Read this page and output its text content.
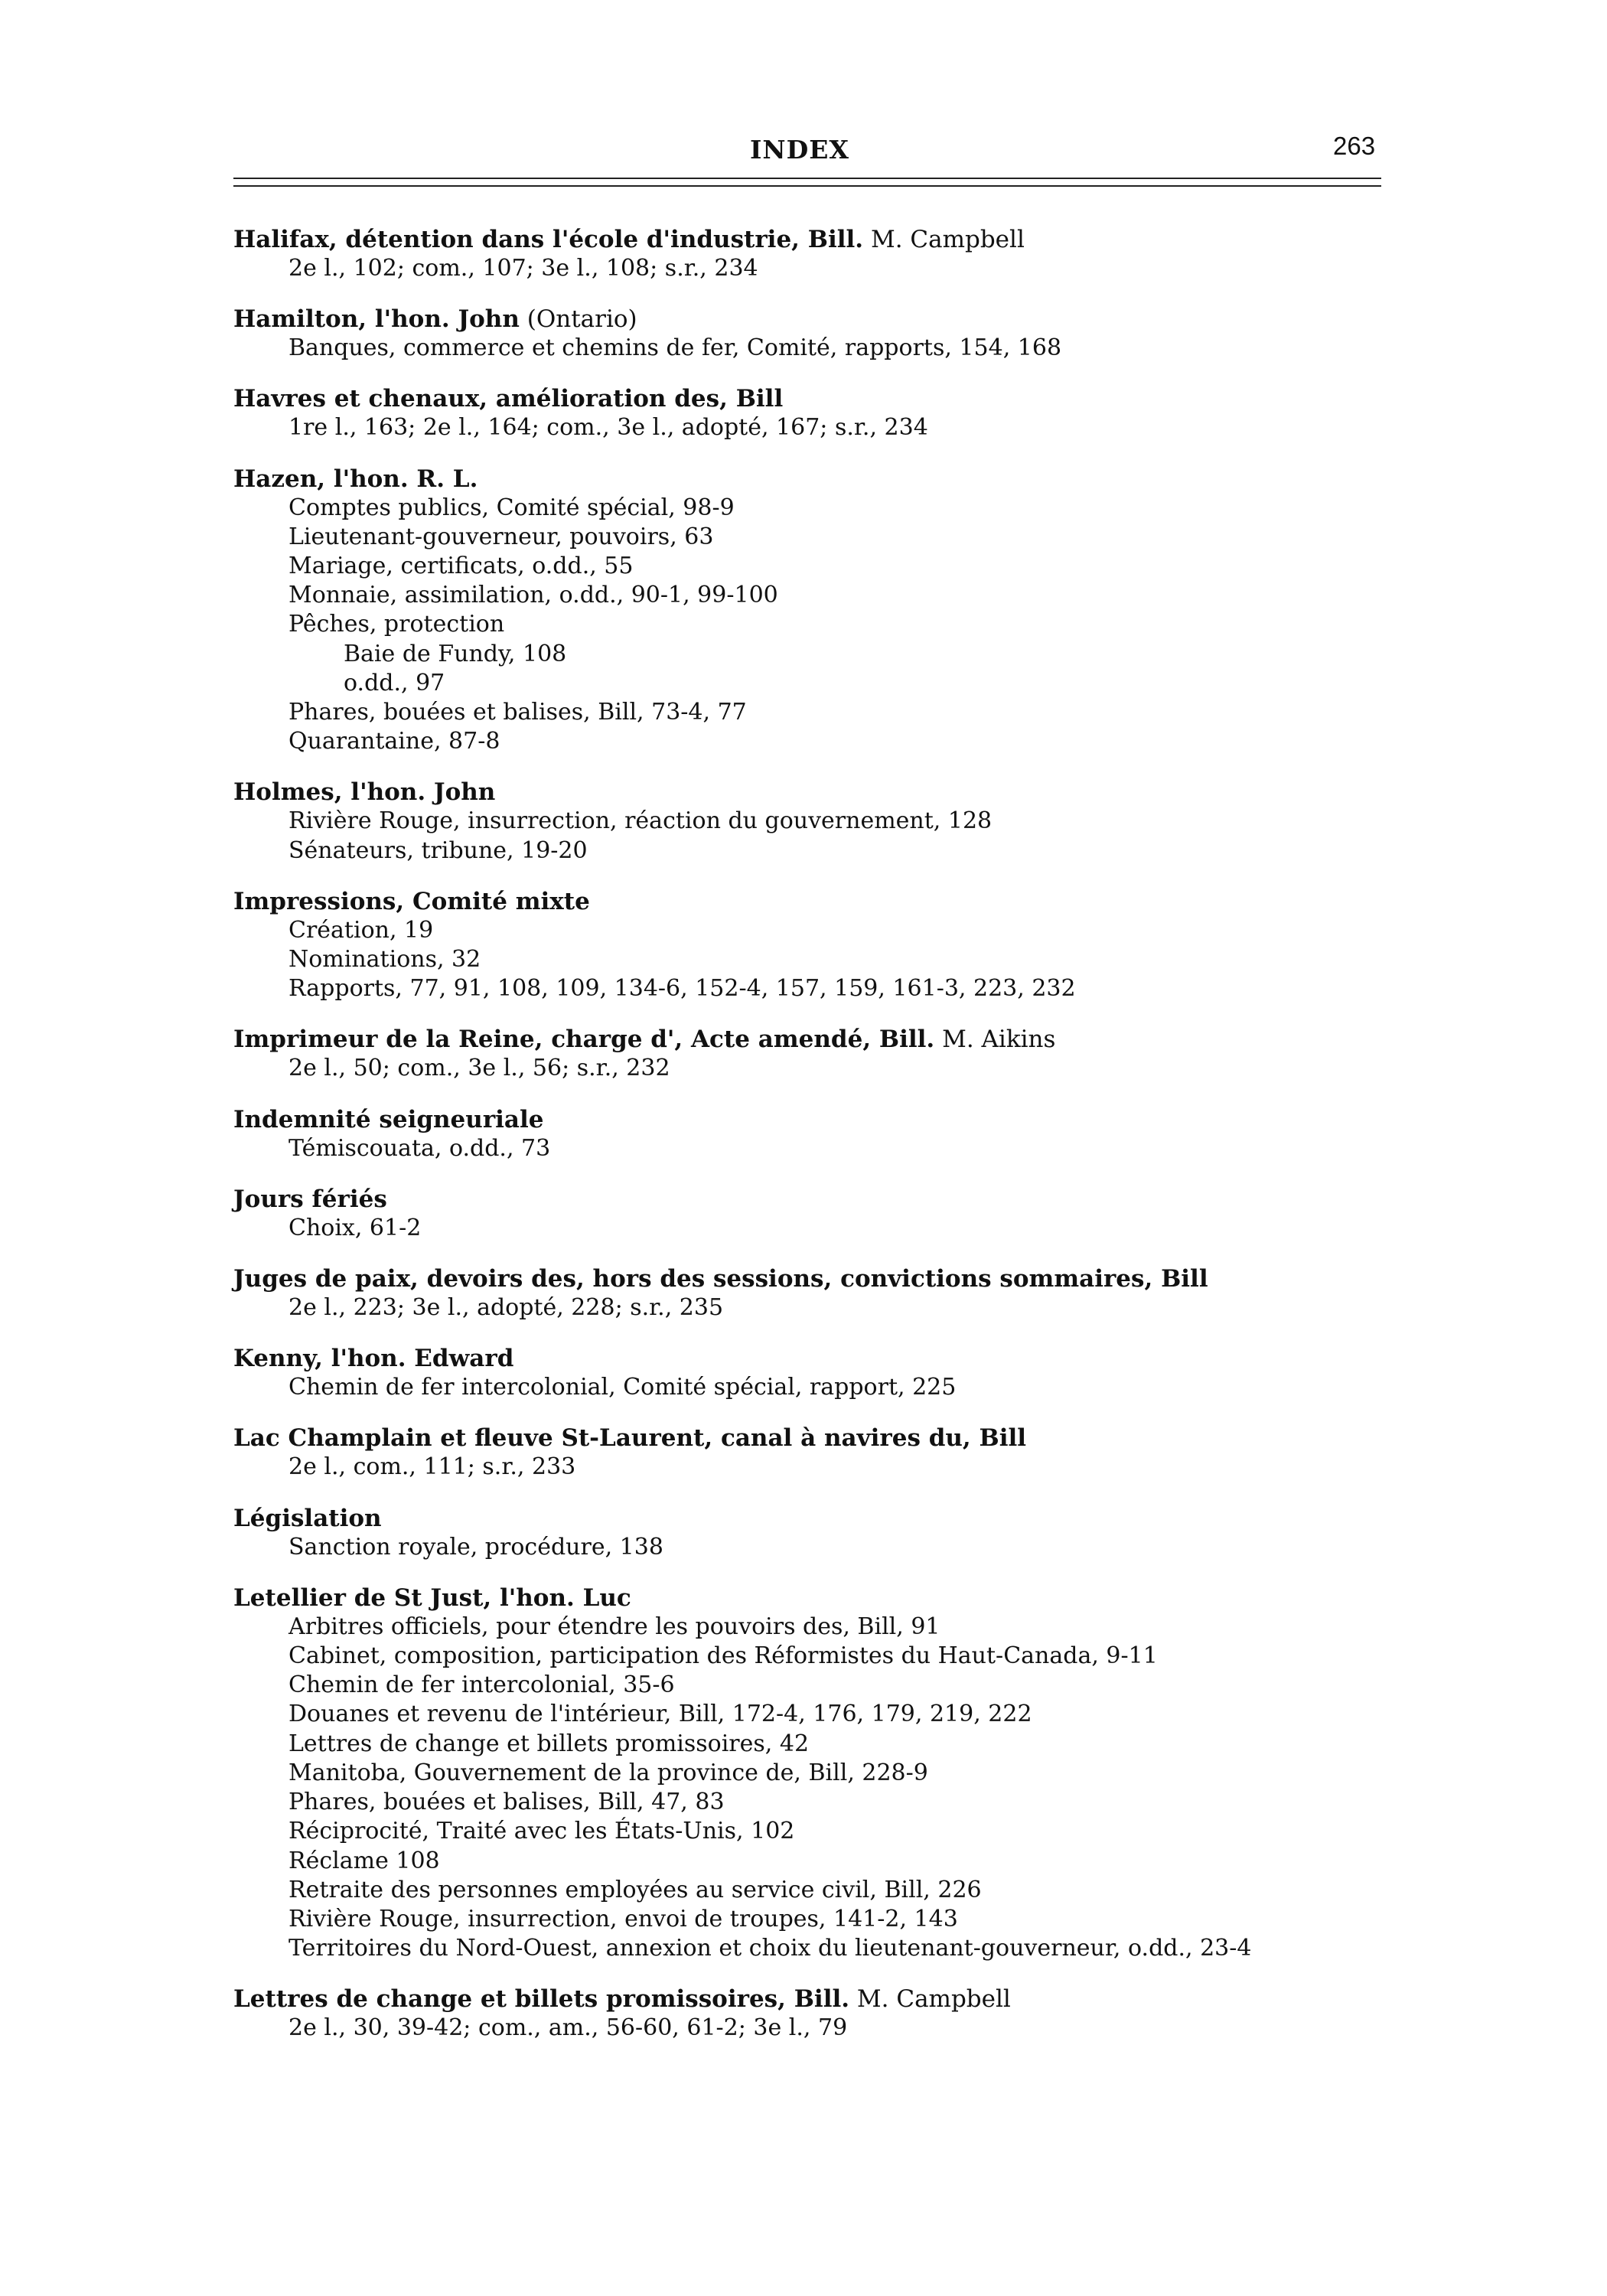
INDEX	263
Halifax, détention dans l'école d'industrie, Bill. M. Campbell
2e l., 102; com., 107; 3e l., 108; s.r., 234
Hamilton, l'hon. John (Ontario)
Banques, commerce et chemins de fer, Comité, rapports, 154, 168
Havres et chenaux, amélioration des, Bill
1re l., 163; 2e l., 164; com., 3e l., adopté, 167; s.r., 234
Hazen, l'hon. R. L.
Comptes publics, Comité spécial, 98-9
Lieutenant-gouverneur, pouvoirs, 63
Mariage, certificats, o.dd., 55
Monnaie, assimilation, o.dd., 90-1, 99-100
Pêches, protection
Baie de Fundy, 108
o.dd., 97
Phares, bouées et balises, Bill, 73-4, 77
Quarantaine, 87-8
Holmes, l'hon. John
Rivière Rouge, insurrection, réaction du gouvernement, 128
Sénateurs, tribune, 19-20
Impressions, Comité mixte
Création, 19
Nominations, 32
Rapports, 77, 91, 108, 109, 134-6, 152-4, 157, 159, 161-3, 223, 232
Imprimeur de la Reine, charge d', Acte amendé, Bill. M. Aikins
2e l., 50; com., 3e l., 56; s.r., 232
Indemnité seigneuriale
Témiscouata, o.dd., 73
Jours fériés
Choix, 61-2
Juges de paix, devoirs des, hors des sessions, convictions sommaires, Bill
2e l., 223; 3e l., adopté, 228; s.r., 235
Kenny, l'hon. Edward
Chemin de fer intercolonial, Comité spécial, rapport, 225
Lac Champlain et fleuve St-Laurent, canal à navires du, Bill
2e l., com., 111; s.r., 233
Législation
Sanction royale, procédure, 138
Letellier de St Just, l'hon. Luc
Arbitres officiels, pour étendre les pouvoirs des, Bill, 91
Cabinet, composition, participation des Réformistes du Haut-Canada, 9-11
Chemin de fer intercolonial, 35-6
Douanes et revenu de l'intérieur, Bill, 172-4, 176, 179, 219, 222
Lettres de change et billets promissoires, 42
Manitoba, Gouvernement de la province de, Bill, 228-9
Phares, bouées et balises, Bill, 47, 83
Réciprocité, Traité avec les États-Unis, 102
Réclame 108
Retraite des personnes employées au service civil, Bill, 226
Rivière Rouge, insurrection, envoi de troupes, 141-2, 143
Territoires du Nord-Ouest, annexion et choix du lieutenant-gouverneur, o.dd., 23-4
Lettres de change et billets promissoires, Bill. M. Campbell
2e l., 30, 39-42; com., am., 56-60, 61-2; 3e l., 79
